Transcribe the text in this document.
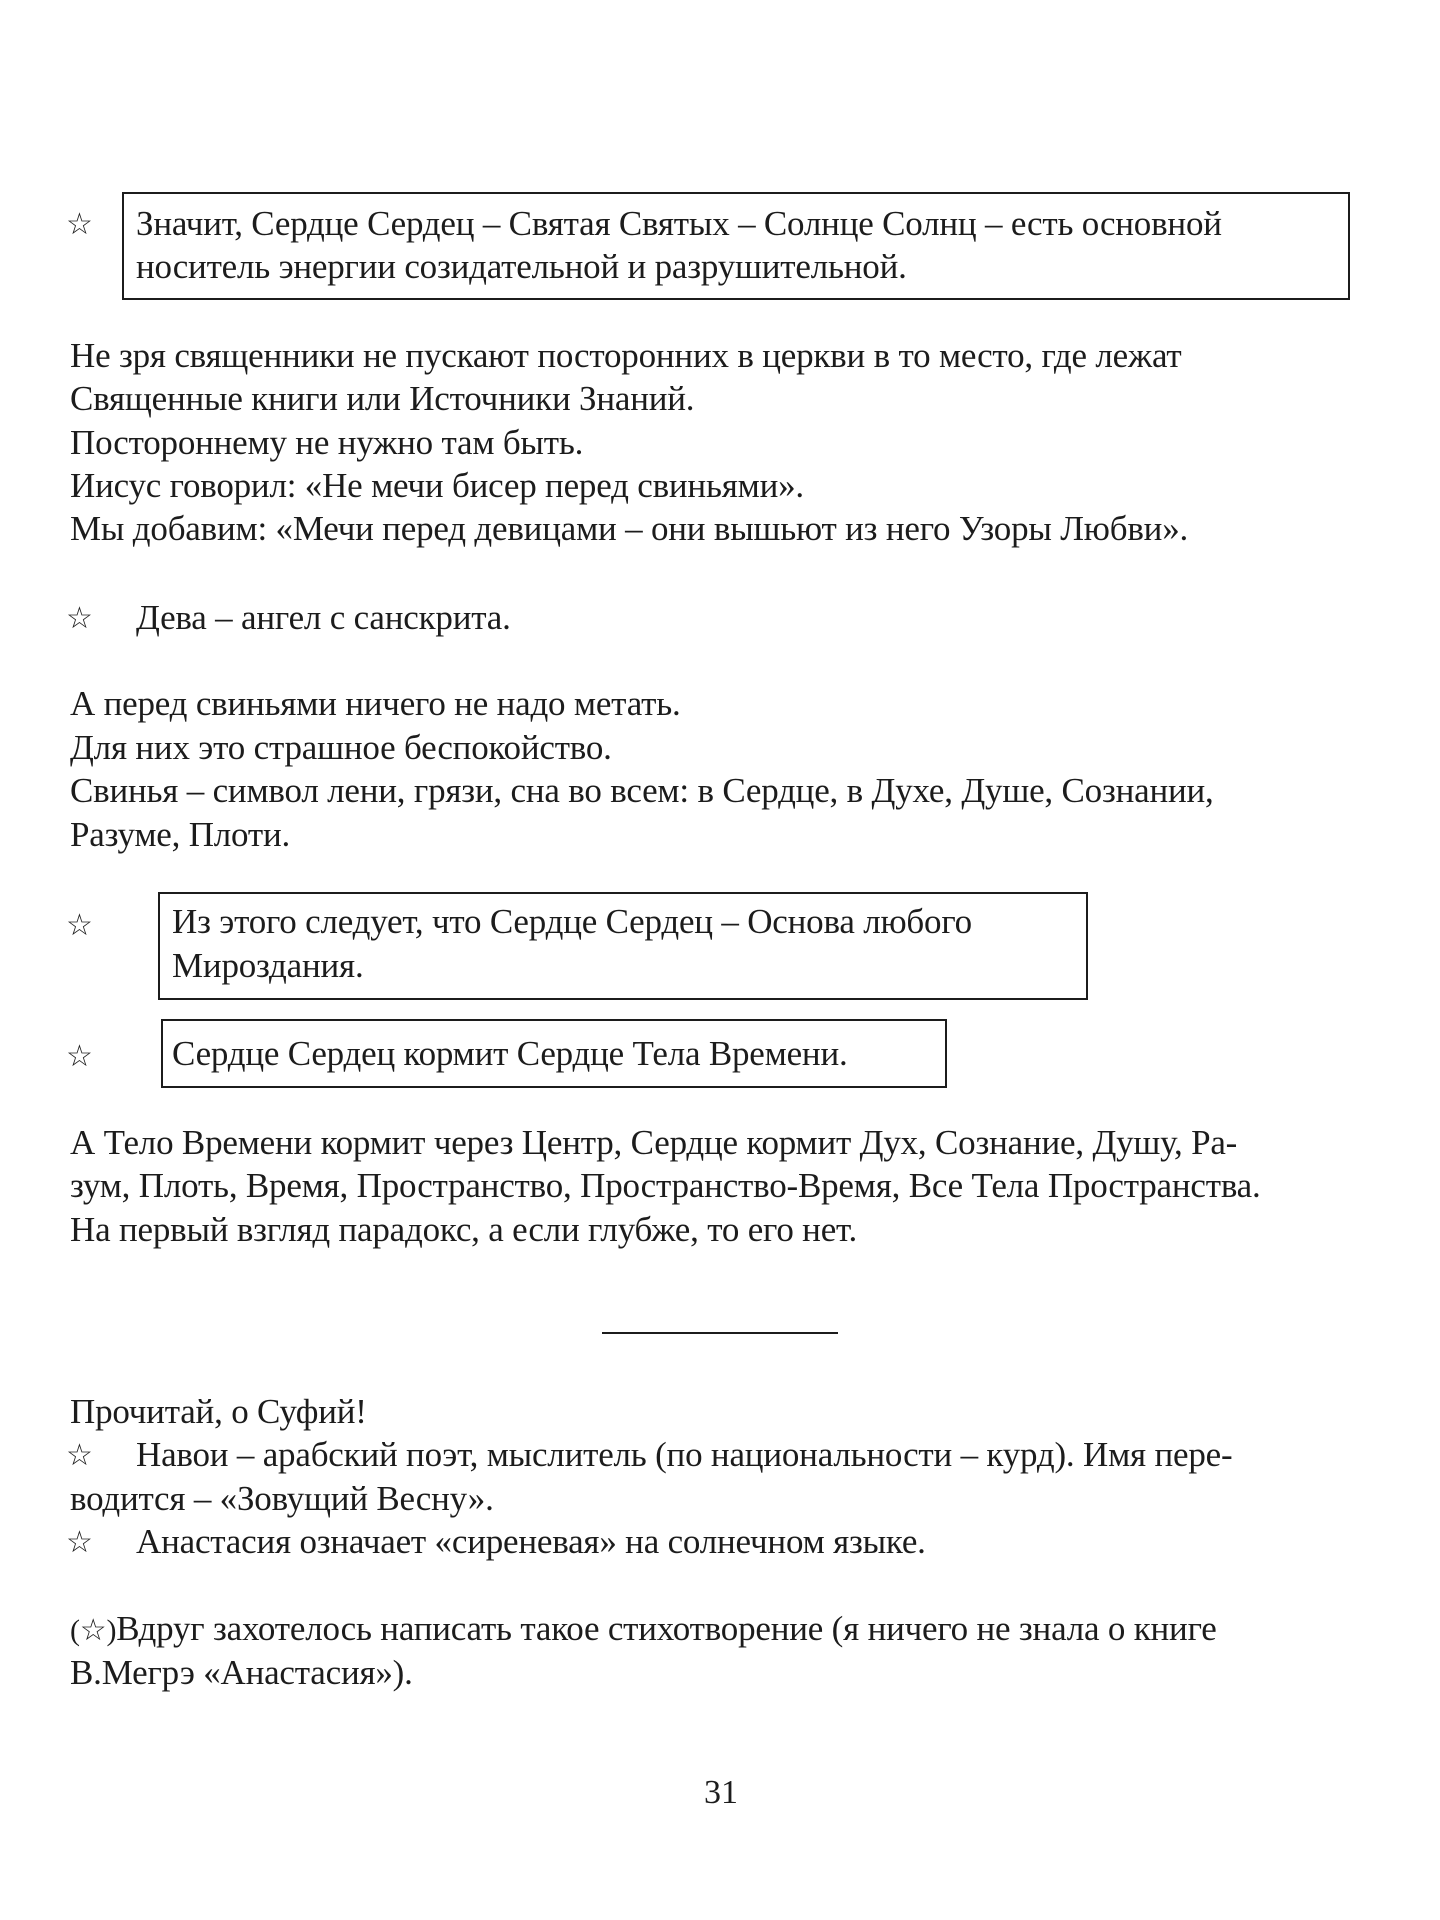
☆ Значит, Сердце Сердец – Святая Святых – Солнце Солнц – есть основной
носитель энергии созидательной и разрушительной.
Не зря священники не пускают посторонних в церкви в то место, где лежат
Священные книги или Источники Знаний.
Постороннему не нужно там быть.
Иисус говорил: «Не мечи бисер перед свиньями».
Мы добавим: «Мечи перед девицами – они вышьют из него Узоры Любви».
☆ Дева – ангел с санскрита.
А перед свиньями ничего не надо метать.
Для них это страшное беспокойство.
Свинья – символ лени, грязи, сна во всем: в Сердце, в Духе, Душе, Сознании,
Разуме, Плоти.
☆ Из этого следует, что Сердце Сердец – Основа любого
Мироздания.
☆ Сердце Сердец кормит Сердце Тела Времени.
А Тело Времени кормит через Центр, Сердце кормит Дух, Сознание, Душу, Ра-
зум, Плоть, Время, Пространство, Пространство-Время, Все Тела Пространства.
На первый взгляд парадокс, а если глубже, то его нет.
Прочитай, о Суфий!
☆ Навои – арабский поэт, мыслитель (по национальности – курд). Имя пере-
водится – «Зовущий Весну».
☆ Анастасия означает «сиреневая» на солнечном языке.
(☆)Вдруг захотелось написать такое стихотворение (я ничего не знала о книге
В.Мегрэ «Анастасия»).
31
